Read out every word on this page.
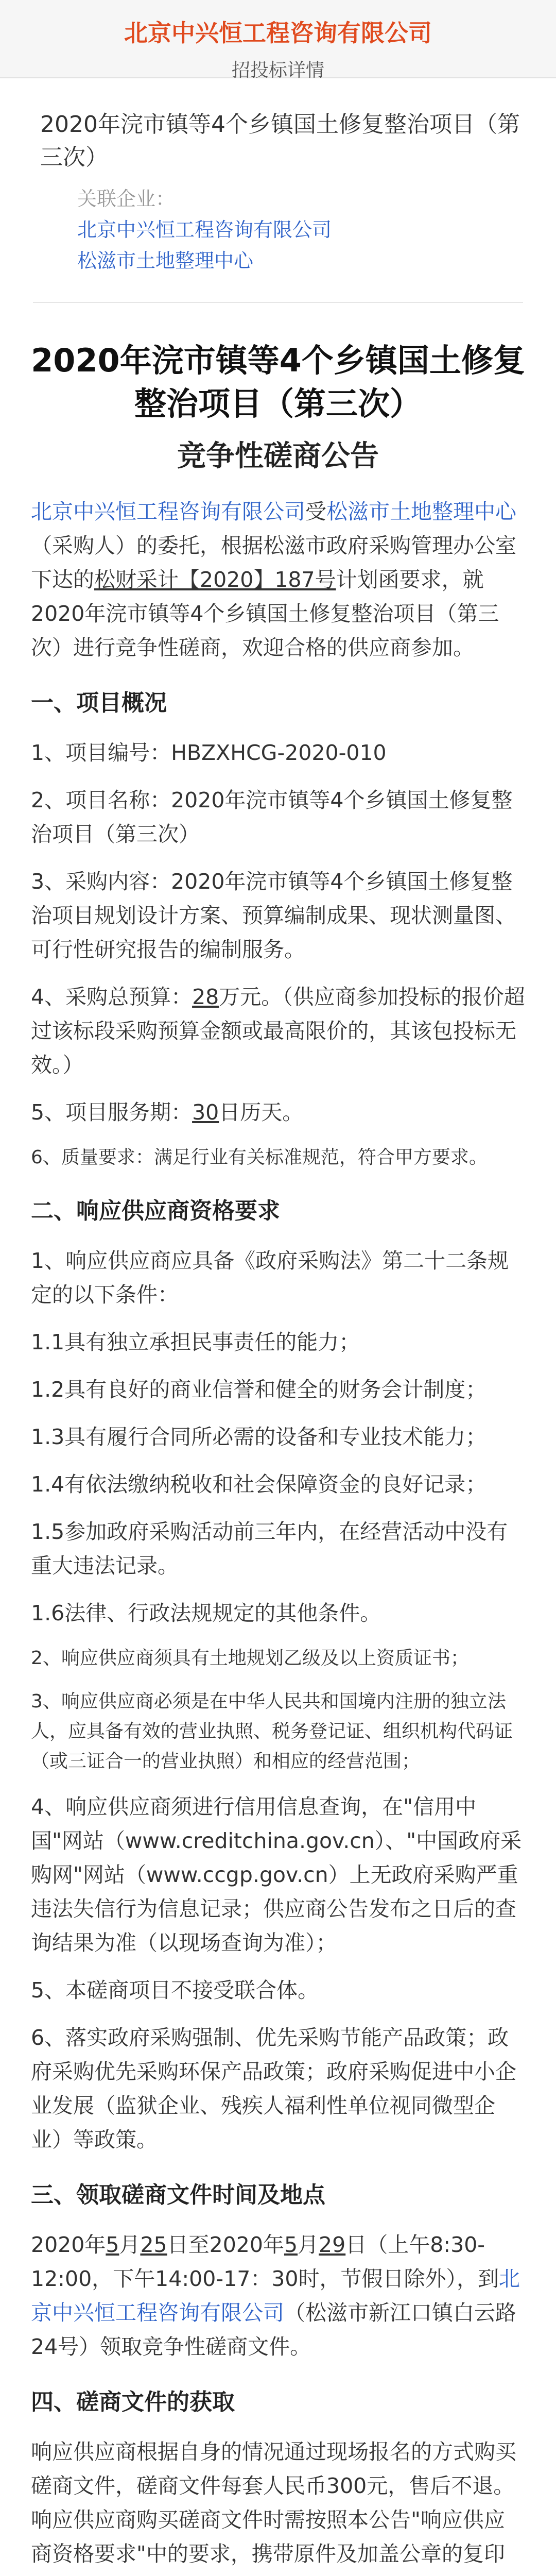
北京中兴恒工程咨询有限公司
招投标详情
2020年浣市镇等4个乡镇国土修复整治项目（第三次）
关联企业：
北京中兴恒工程咨询有限公司
松滋市土地整理中心
2020年浣市镇等4个乡镇国土修复整治项目（第三次）
竞争性磋商公告

北京中兴恒工程咨询有限公司受松滋市土地整理中心（采购人）的委托，根据松滋市政府采购管理办公室下达的松财采计【2020】187号计划函要求，就2020年浣市镇等4个乡镇国土修复整治项目（第三次）进行竞争性磋商，欢迎合格的供应商参加。

一、项目概况

1、项目编号：HBZXHCG-2020-010

2、项目名称：2020年浣市镇等4个乡镇国土修复整治项目（第三次）

3、采购内容：2020年浣市镇等4个乡镇国土修复整治项目规划设计方案、预算编制成果、现状测量图、可行性研究报告的编制服务。

4、采购总预算：28万元。（供应商参加投标的报价超过该标段采购预算金额或最高限价的，其该包投标无效。）

5、项目服务期：30日历天。

6、质量要求：满足行业有关标准规范，符合甲方要求。

二、响应供应商资格要求

1、响应供应商应具备《政府采购法》第二十二条规定的以下条件：

1.1具有独立承担民事责任的能力；

1.2具有良好的商业信誉和健全的财务会计制度；

1.3具有履行合同所必需的设备和专业技术能力；

1.4有依法缴纳税收和社会保障资金的良好记录；

1.5参加政府采购活动前三年内，在经营活动中没有重大违法记录。

1.6法律、行政法规规定的其他条件。

2、响应供应商须具有土地规划乙级及以上资质证书；

3、响应供应商必须是在中华人民共和国境内注册的独立法人，应具备有效的营业执照、税务登记证、组织机构代码证（或三证合一的营业执照）和相应的经营范围；

4、响应供应商须进行信用信息查询，在"信用中国"网站（www.creditchina.gov.cn）、"中国政府采购网"网站（www.ccgp.gov.cn）上无政府采购严重违法失信行为信息记录；供应商公告发布之日后的查询结果为准（以现场查询为准）；

5、本磋商项目不接受联合体。

6、落实政府采购强制、优先采购节能产品政策；政府采购优先采购环保产品政策；政府采购促进中小企业发展（监狱企业、残疾人福利性单位视同微型企业）等政策。

三、领取磋商文件时间及地点

2020年5月25日至2020年5月29日（上午8:30-12:00，下午14:00-17：30时，节假日除外），到北京中兴恒工程咨询有限公司（松滋市新江口镇白云路24号）领取竞争性磋商文件。

四、磋商文件的获取

响应供应商根据自身的情况通过现场报名的方式购买磋商文件，磋商文件每套人民币300元，售后不退。响应供应商购买磋商文件时需按照本公告"响应供应商资格要求"中的要求，携带原件及加盖公章的复印
